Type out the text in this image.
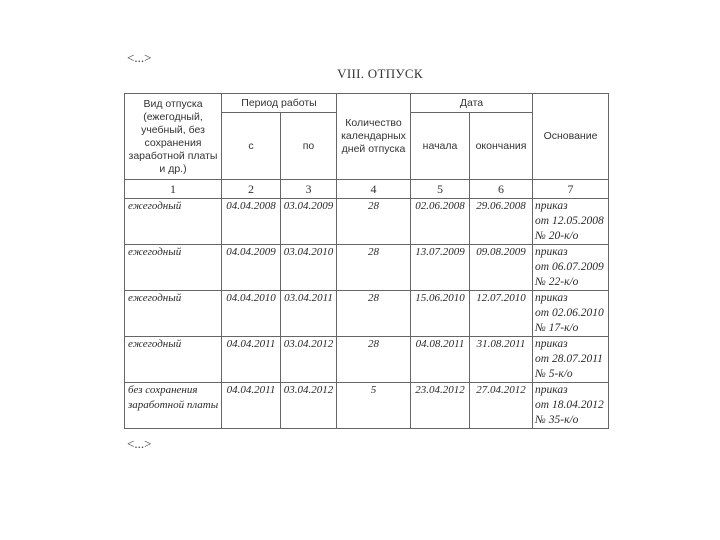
<...>
VIII. ОТПУСК
Вид отпуска (ежегодный, учебный, без сохранения заработной платы и др.)	Период работы		Количество календарных дней отпуска	Дата		Основание
	с	по		начала	окончания	
1	2	3	4	5	6	7
ежегодный	04.04.2008	03.04.2009	28	02.06.2008	29.06.2008	приказ
от 12.05.2008
№ 20-к/о

ежегодный	04.04.2009	03.04.2010	28	13.07.2009	09.08.2009	приказ
от 06.07.2009
№ 22-к/о

ежегодный	04.04.2010	03.04.2011	28	15.06.2010	12.07.2010	приказ
от 02.06.2010
№ 17-к/о

ежегодный	04.04.2011	03.04.2012	28	04.08.2011	31.08.2011	приказ
от 28.07.2011
№ 5-к/о

без сохранения заработной платы	04.04.2011	03.04.2012	5	23.04.2012	27.04.2012	приказ
от 18.04.2012
№ 35-к/о
<...>
